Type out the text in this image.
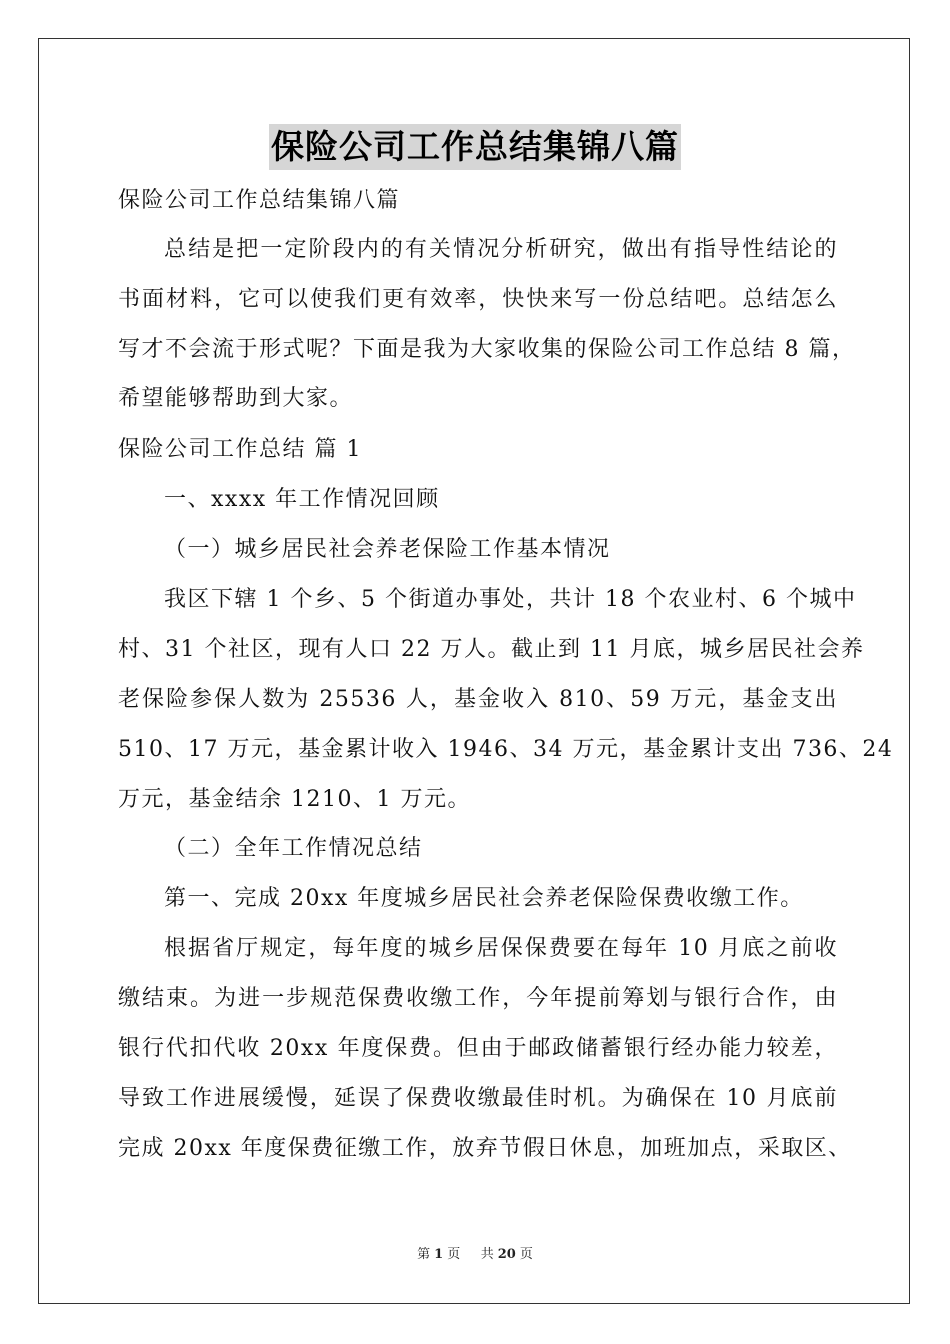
保险公司工作总结集锦八篇
保险公司工作总结集锦八篇
总结是把一定阶段内的有关情况分析研究，做出有指导性结论的
书面材料，它可以使我们更有效率，快快来写一份总结吧。总结怎么
写才不会流于形式呢？下面是我为大家收集的保险公司工作总结 8 篇，
希望能够帮助到大家。
保险公司工作总结 篇 1
一、xxxx 年工作情况回顾
（一）城乡居民社会养老保险工作基本情况
我区下辖 1 个乡、5 个街道办事处，共计 18 个农业村、6 个城中
村、31 个社区，现有人口 22 万人。截止到 11 月底，城乡居民社会养
老保险参保人数为 25536 人，基金收入 810、59 万元，基金支出
510、17 万元，基金累计收入 1946、34 万元，基金累计支出 736、24
万元，基金结余 1210、1 万元。
（二）全年工作情况总结
第一、完成 20xx 年度城乡居民社会养老保险保费收缴工作。
根据省厅规定，每年度的城乡居保保费要在每年 10 月底之前收
缴结束。为进一步规范保费收缴工作，今年提前筹划与银行合作，由
银行代扣代收 20xx 年度保费。但由于邮政储蓄银行经办能力较差，
导致工作进展缓慢，延误了保费收缴最佳时机。为确保在 10 月底前
完成 20xx 年度保费征缴工作，放弃节假日休息，加班加点，采取区、
第 1 页 共 20 页
